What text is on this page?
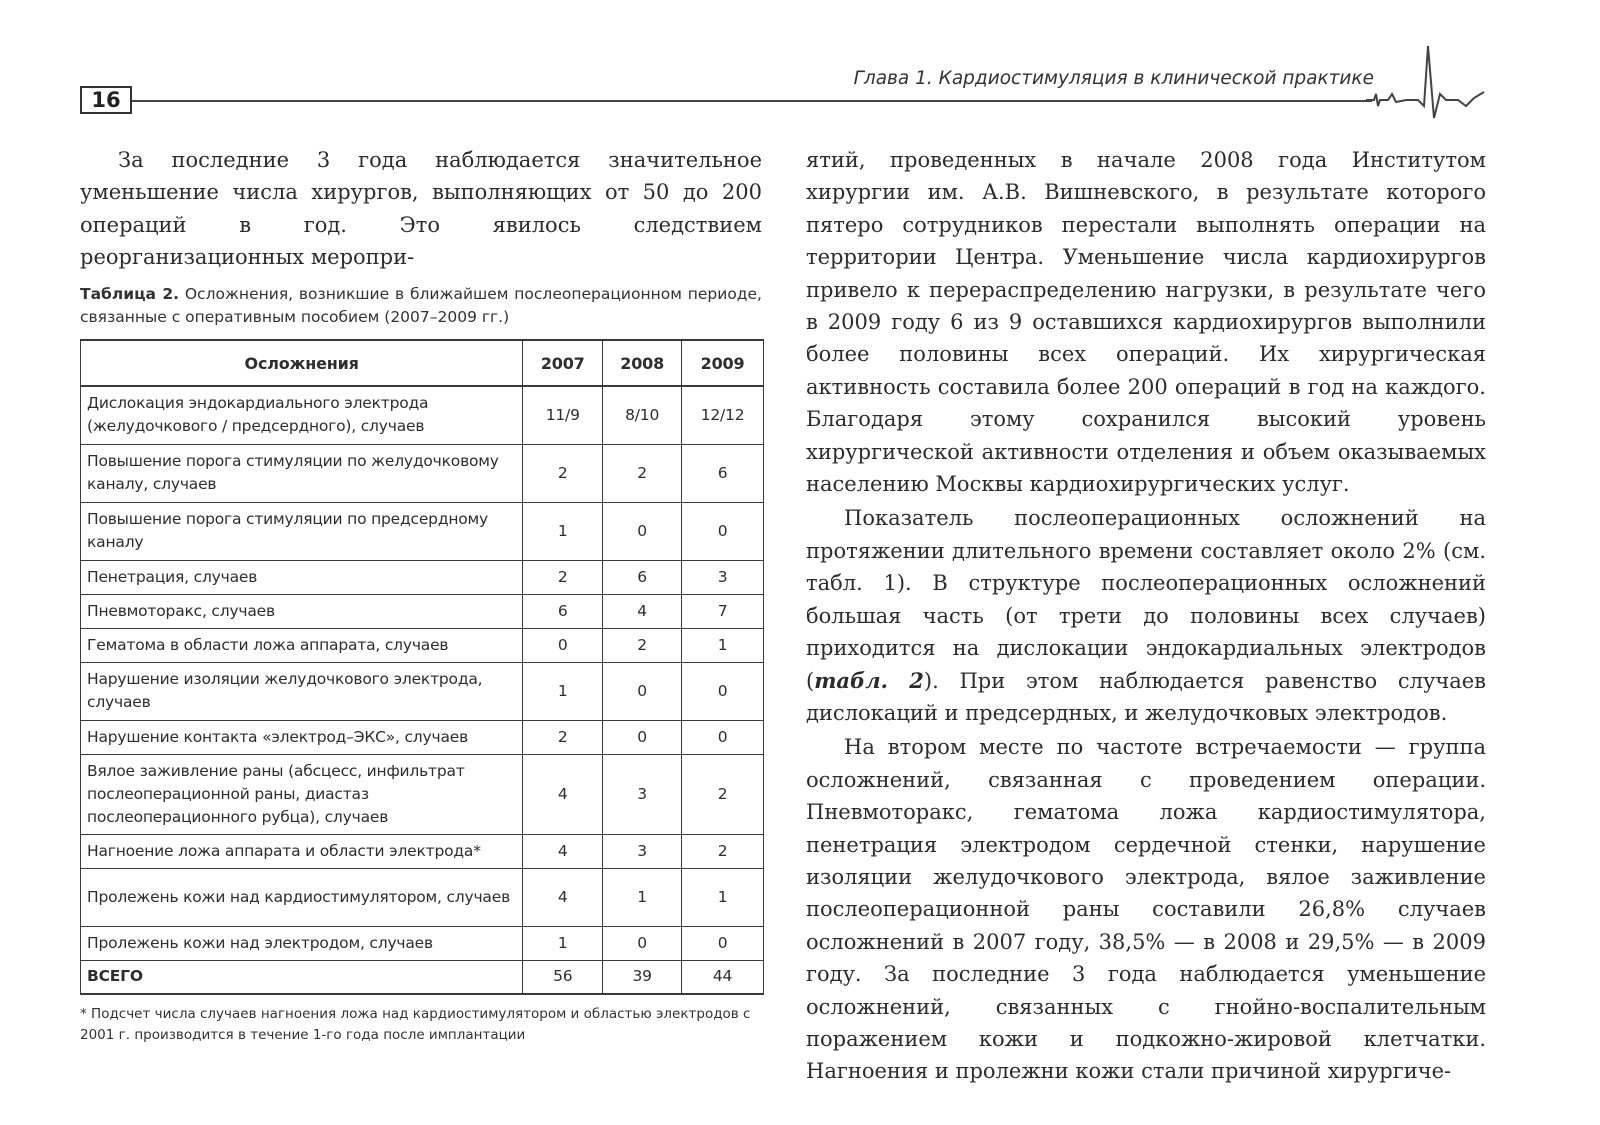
16
Глава 1. Кардиостимуляция в клинической практике

За последние 3 года наблюдается значительное уменьшение числа хирургов, выполняющих от 50 до 200 операций в год. Это явилось следствием реорганизационных меропри-

Таблица 2. Осложнения, возникшие в ближайшем послеоперационном периоде, связанные с оперативным пособием (2007–2009 гг.)
Осложнения	2007	2008	2009
Дислокация эндокардиального электрода (желудочкового / предсердного), случаев	11/9	8/10	12/12
Повышение порога стимуляции по желудочковому каналу, случаев	2	2	6
Повышение порога стимуляции по предсердному каналу	1	0	0
Пенетрация, случаев	2	6	3
Пневмоторакс, случаев	6	4	7
Гематома в области ложа аппарата, случаев	0	2	1
Нарушение изоляции желудочкового электрода, случаев	1	0	0
Нарушение контакта «электрод–ЭКС», случаев	2	0	0
Вялое заживление раны (абсцесс, инфильтрат послеоперационной раны, диастаз послеоперационного рубца), случаев	4	3	2
Нагноение ложа аппарата и области электрода*	4	3	2
Пролежень кожи над кардиостимулятором, случаев	4	1	1
Пролежень кожи над электродом, случаев	1	0	0
ВСЕГО	56	39	44
* Подсчет числа случаев нагноения ложа над кардиостимулятором и областью электродов с 2001 г. производится в течение 1-го года после имплантации

ятий, проведенных в начале 2008 года Институтом хирургии им. А.В. Вишневского, в результате которого пятеро сотрудников перестали выполнять операции на территории Центра. Уменьшение числа кардиохирургов привело к перераспределению нагрузки, в результате чего в 2009 году 6 из 9 оставшихся кардиохирургов выполнили более половины всех операций. Их хирургическая активность составила более 200 операций в год на каждого. Благодаря этому сохранился высокий уровень хирургической активности отделения и объем оказываемых населению Москвы кардиохирургических услуг.

Показатель послеоперационных осложнений на протяжении длительного времени составляет около 2% (см. табл. 1). В структуре послеоперационных осложнений большая часть (от трети до половины всех случаев) приходится на дислокации эндокардиальных электродов (табл. 2). При этом наблюдается равенство случаев дислокаций и предсердных, и желудочковых электродов.

На втором месте по частоте встречаемости — группа осложнений, связанная с проведением операции. Пневмоторакс, гематома ложа кардиостимулятора, пенетрация электродом сердечной стенки, нарушение изоляции желудочкового электрода, вялое заживление послеоперационной раны составили 26,8% случаев осложнений в 2007 году, 38,5% — в 2008 и 29,5% — в 2009 году. За последние 3 года наблюдается уменьшение осложнений, связанных с гнойно-воспалительным поражением кожи и подкожно-жировой клетчатки. Нагноения и пролежни кожи стали причиной хирургиче-
